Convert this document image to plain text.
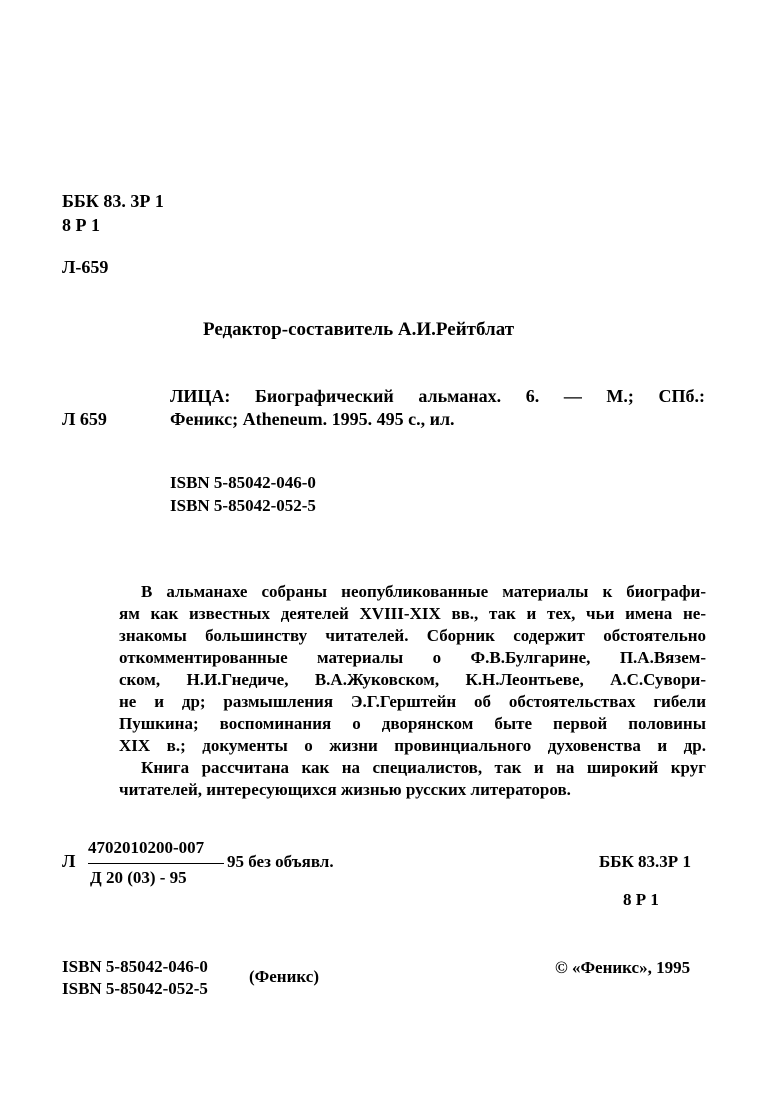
ББК 83. 3Р 1
8 Р 1
Л-659
Редактор-составитель А.И.Рейтблат
ЛИЦА: Биографический альманах. 6. — М.; СПб.:
Л 659	Феникс; Atheneum. 1995. 495 с., ил.
ISBN 5-85042-046-0
ISBN 5-85042-052-5
В альманахе собраны неопубликованные материалы к биографи-
ям как известных деятелей XVIII-XIX вв., так и тех, чьи имена не-
знакомы большинству читателей. Сборник содержит обстоятельно
откомментированные материалы о Ф.В.Булгарине, П.А.Вязем-
ском, Н.И.Гнедиче, В.А.Жуковском, К.Н.Леонтьеве, А.С.Сувори-
не и др; размышления Э.Г.Герштейн об обстоятельствах гибели
Пушкина; воспоминания о дворянском быте первой половины
XIX в.; документы о жизни провинциального духовенства и др.
Книга рассчитана как на специалистов, так и на широкий круг
читателей, интересующихся жизнью русских литераторов.
Л
4702010200-007
Д 20 (03) - 95
95 без объявл.	ББК 83.3Р 1
8 Р 1
ISBN 5-85042-046-0
ISBN 5-85042-052-5
(Феникс)	© «Феникс», 1995
